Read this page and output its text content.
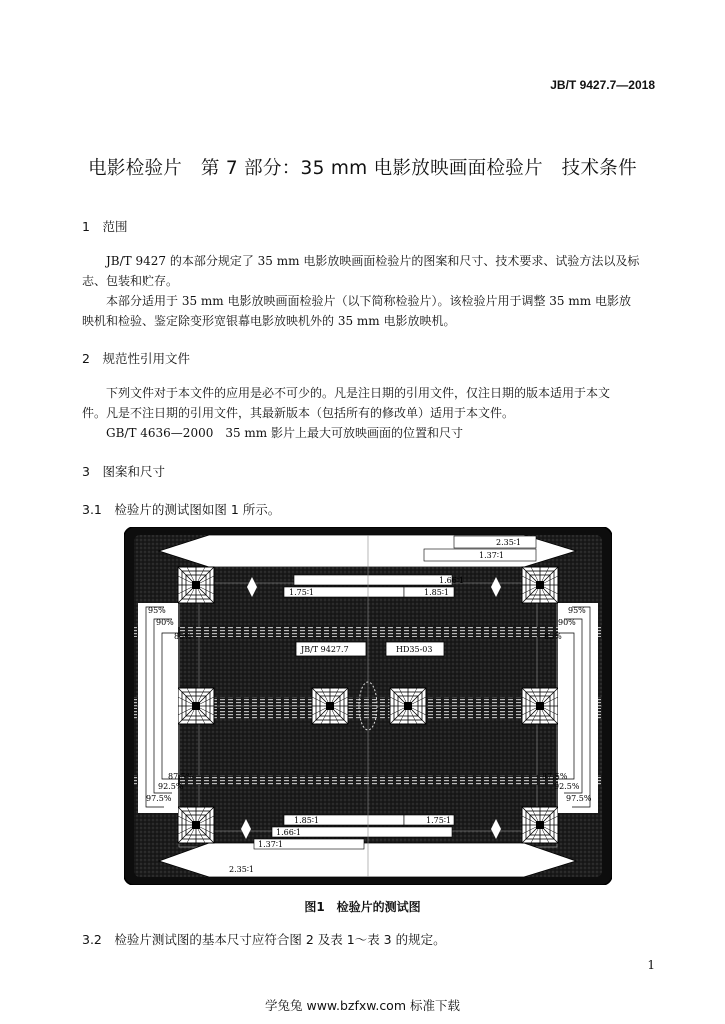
JB/T 9427.7—2018
电影检验片　第 7 部分：35 mm 电影放映画面检验片　技术条件
1　范围
JB/T 9427 的本部分规定了 35 mm 电影放映画面检验片的图案和尺寸、技术要求、试验方法以及标
志、包装和贮存。
本部分适用于 35 mm 电影放映画面检验片（以下简称检验片）。该检验片用于调整 35 mm 电影放
映机和检验、鉴定除变形宽银幕电影放映机外的 35 mm 电影放映机。
2　规范性引用文件
下列文件对于本文件的应用是必不可少的。凡是注日期的引用文件，仅注日期的版本适用于本文
件。凡是不注日期的引用文件，其最新版本（包括所有的修改单）适用于本文件。
GB/T 4636—2000　35 mm 影片上最大可放映画面的位置和尺寸
3　图案和尺寸
3.1　检验片的测试图如图 1 所示。
2.35∶1
1.37∶1
1.66∶1
1.75∶1	1.85∶1
1.85∶1	1.75∶1
1.66∶1
1.37∶1
2.35∶1
JB/T 9427.7	HD35-03
95%
90%
85%
87.5%
92.5%
97.5%
95%
90%
85%
87.5%
92.5%
97.5%
图1　检验片的测试图
3.2　检验片测试图的基本尺寸应符合图 2 及表 1～表 3 的规定。
1
学兔兔 www.bzfxw.com 标准下载
